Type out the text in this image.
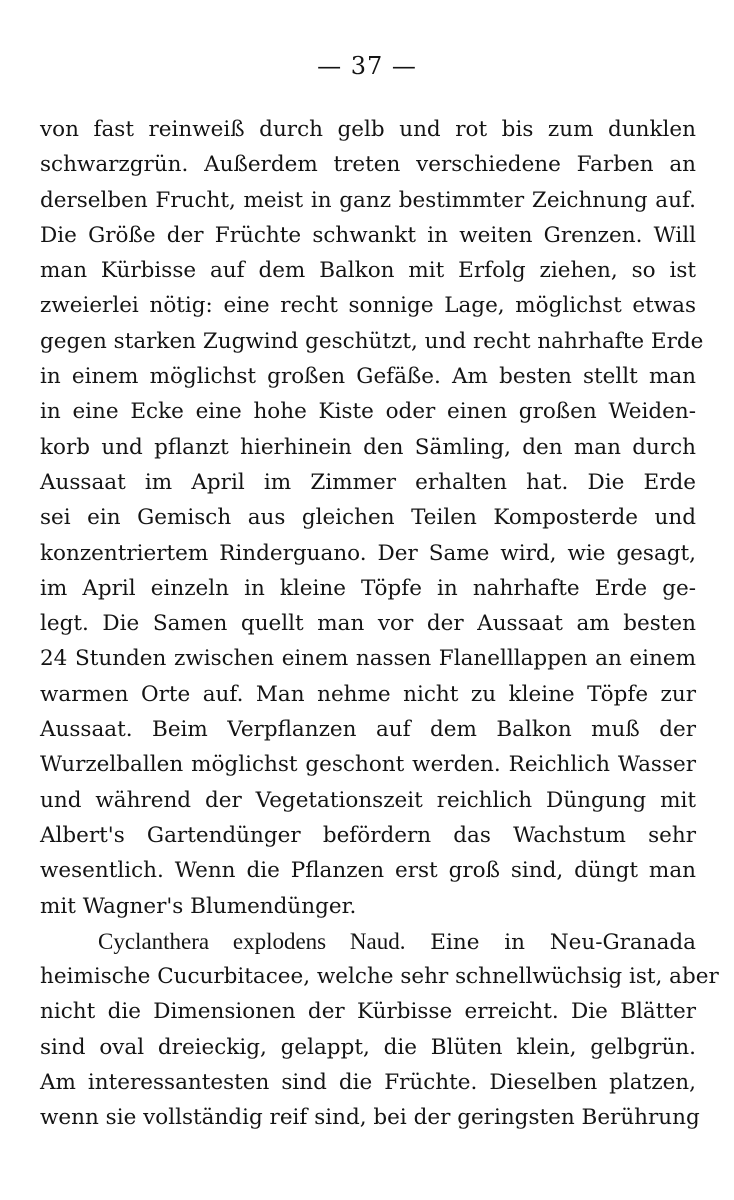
— 37 —
von fast reinweiß durch gelb und rot bis zum dunklen
schwarzgrün. Außerdem treten verschiedene Farben an
derselben Frucht, meist in ganz bestimmter Zeichnung auf.
Die Größe der Früchte schwankt in weiten Grenzen. Will
man Kürbisse auf dem Balkon mit Erfolg ziehen, so ist
zweierlei nötig: eine recht sonnige Lage, möglichst etwas
gegen starken Zugwind geschützt, und recht nahrhafte Erde
in einem möglichst großen Gefäße. Am besten stellt man
in eine Ecke eine hohe Kiste oder einen großen Weiden-
korb und pflanzt hierhinein den Sämling, den man durch
Aussaat im April im Zimmer erhalten hat. Die Erde
sei ein Gemisch aus gleichen Teilen Komposterde und
konzentriertem Rinderguano. Der Same wird, wie gesagt,
im April einzeln in kleine Töpfe in nahrhafte Erde ge-
legt. Die Samen quellt man vor der Aussaat am besten
24 Stunden zwischen einem nassen Flanelllappen an einem
warmen Orte auf. Man nehme nicht zu kleine Töpfe zur
Aussaat. Beim Verpflanzen auf dem Balkon muß der
Wurzelballen möglichst geschont werden. Reichlich Wasser
und während der Vegetationszeit reichlich Düngung mit
Albert's Gartendünger befördern das Wachstum sehr
wesentlich. Wenn die Pflanzen erst groß sind, düngt man
mit Wagner's Blumendünger.
Cyclanthera explodens Naud. Eine in Neu-Granada
heimische Cucurbitacee, welche sehr schnellwüchsig ist, aber
nicht die Dimensionen der Kürbisse erreicht. Die Blätter
sind oval dreieckig, gelappt, die Blüten klein, gelbgrün.
Am interessantesten sind die Früchte. Dieselben platzen,
wenn sie vollständig reif sind, bei der geringsten Berührung
